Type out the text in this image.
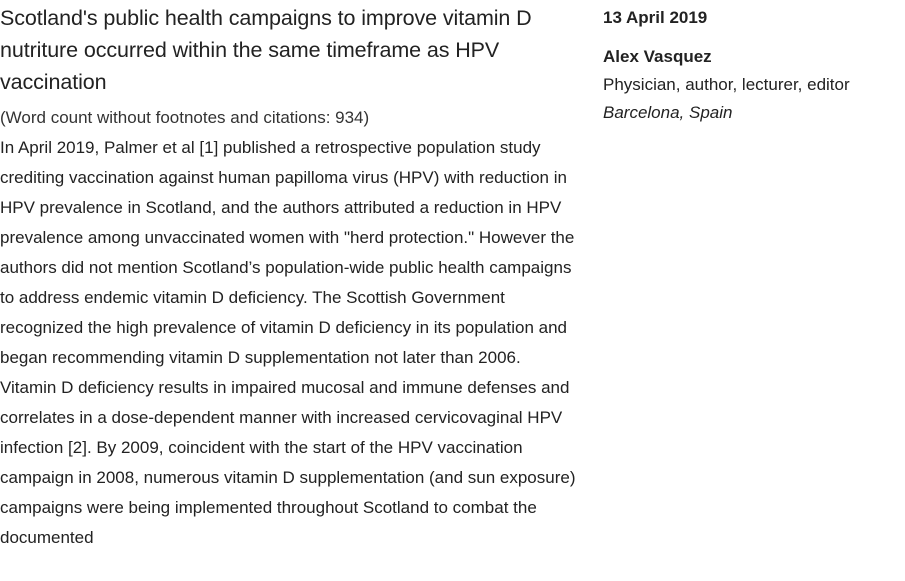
Scotland's public health campaigns to improve vitamin D nutriture occurred within the same timeframe as HPV vaccination

(Word count without footnotes and citations: 934)

In April 2019, Palmer et al [1] published a retrospective population study crediting vaccination against human papilloma virus (HPV) with reduction in HPV prevalence in Scotland, and the authors attributed a reduction in HPV prevalence among unvaccinated women with "herd protection." However the authors did not mention Scotland’s population-wide public health campaigns to address endemic vitamin D deficiency. The Scottish Government recognized the high prevalence of vitamin D deficiency in its population and began recommending vitamin D supplementation not later than 2006. Vitamin D deficiency results in impaired mucosal and immune defenses and correlates in a dose-dependent manner with increased cervicovaginal HPV infection [2]. By 2009, coincident with the start of the HPV vaccination campaign in 2008, numerous vitamin D supplementation (and sun exposure) campaigns were being implemented throughout Scotland to combat the documented

13 April 2019

Alex Vasquez

Physician, author, lecturer, editor

Barcelona, Spain
